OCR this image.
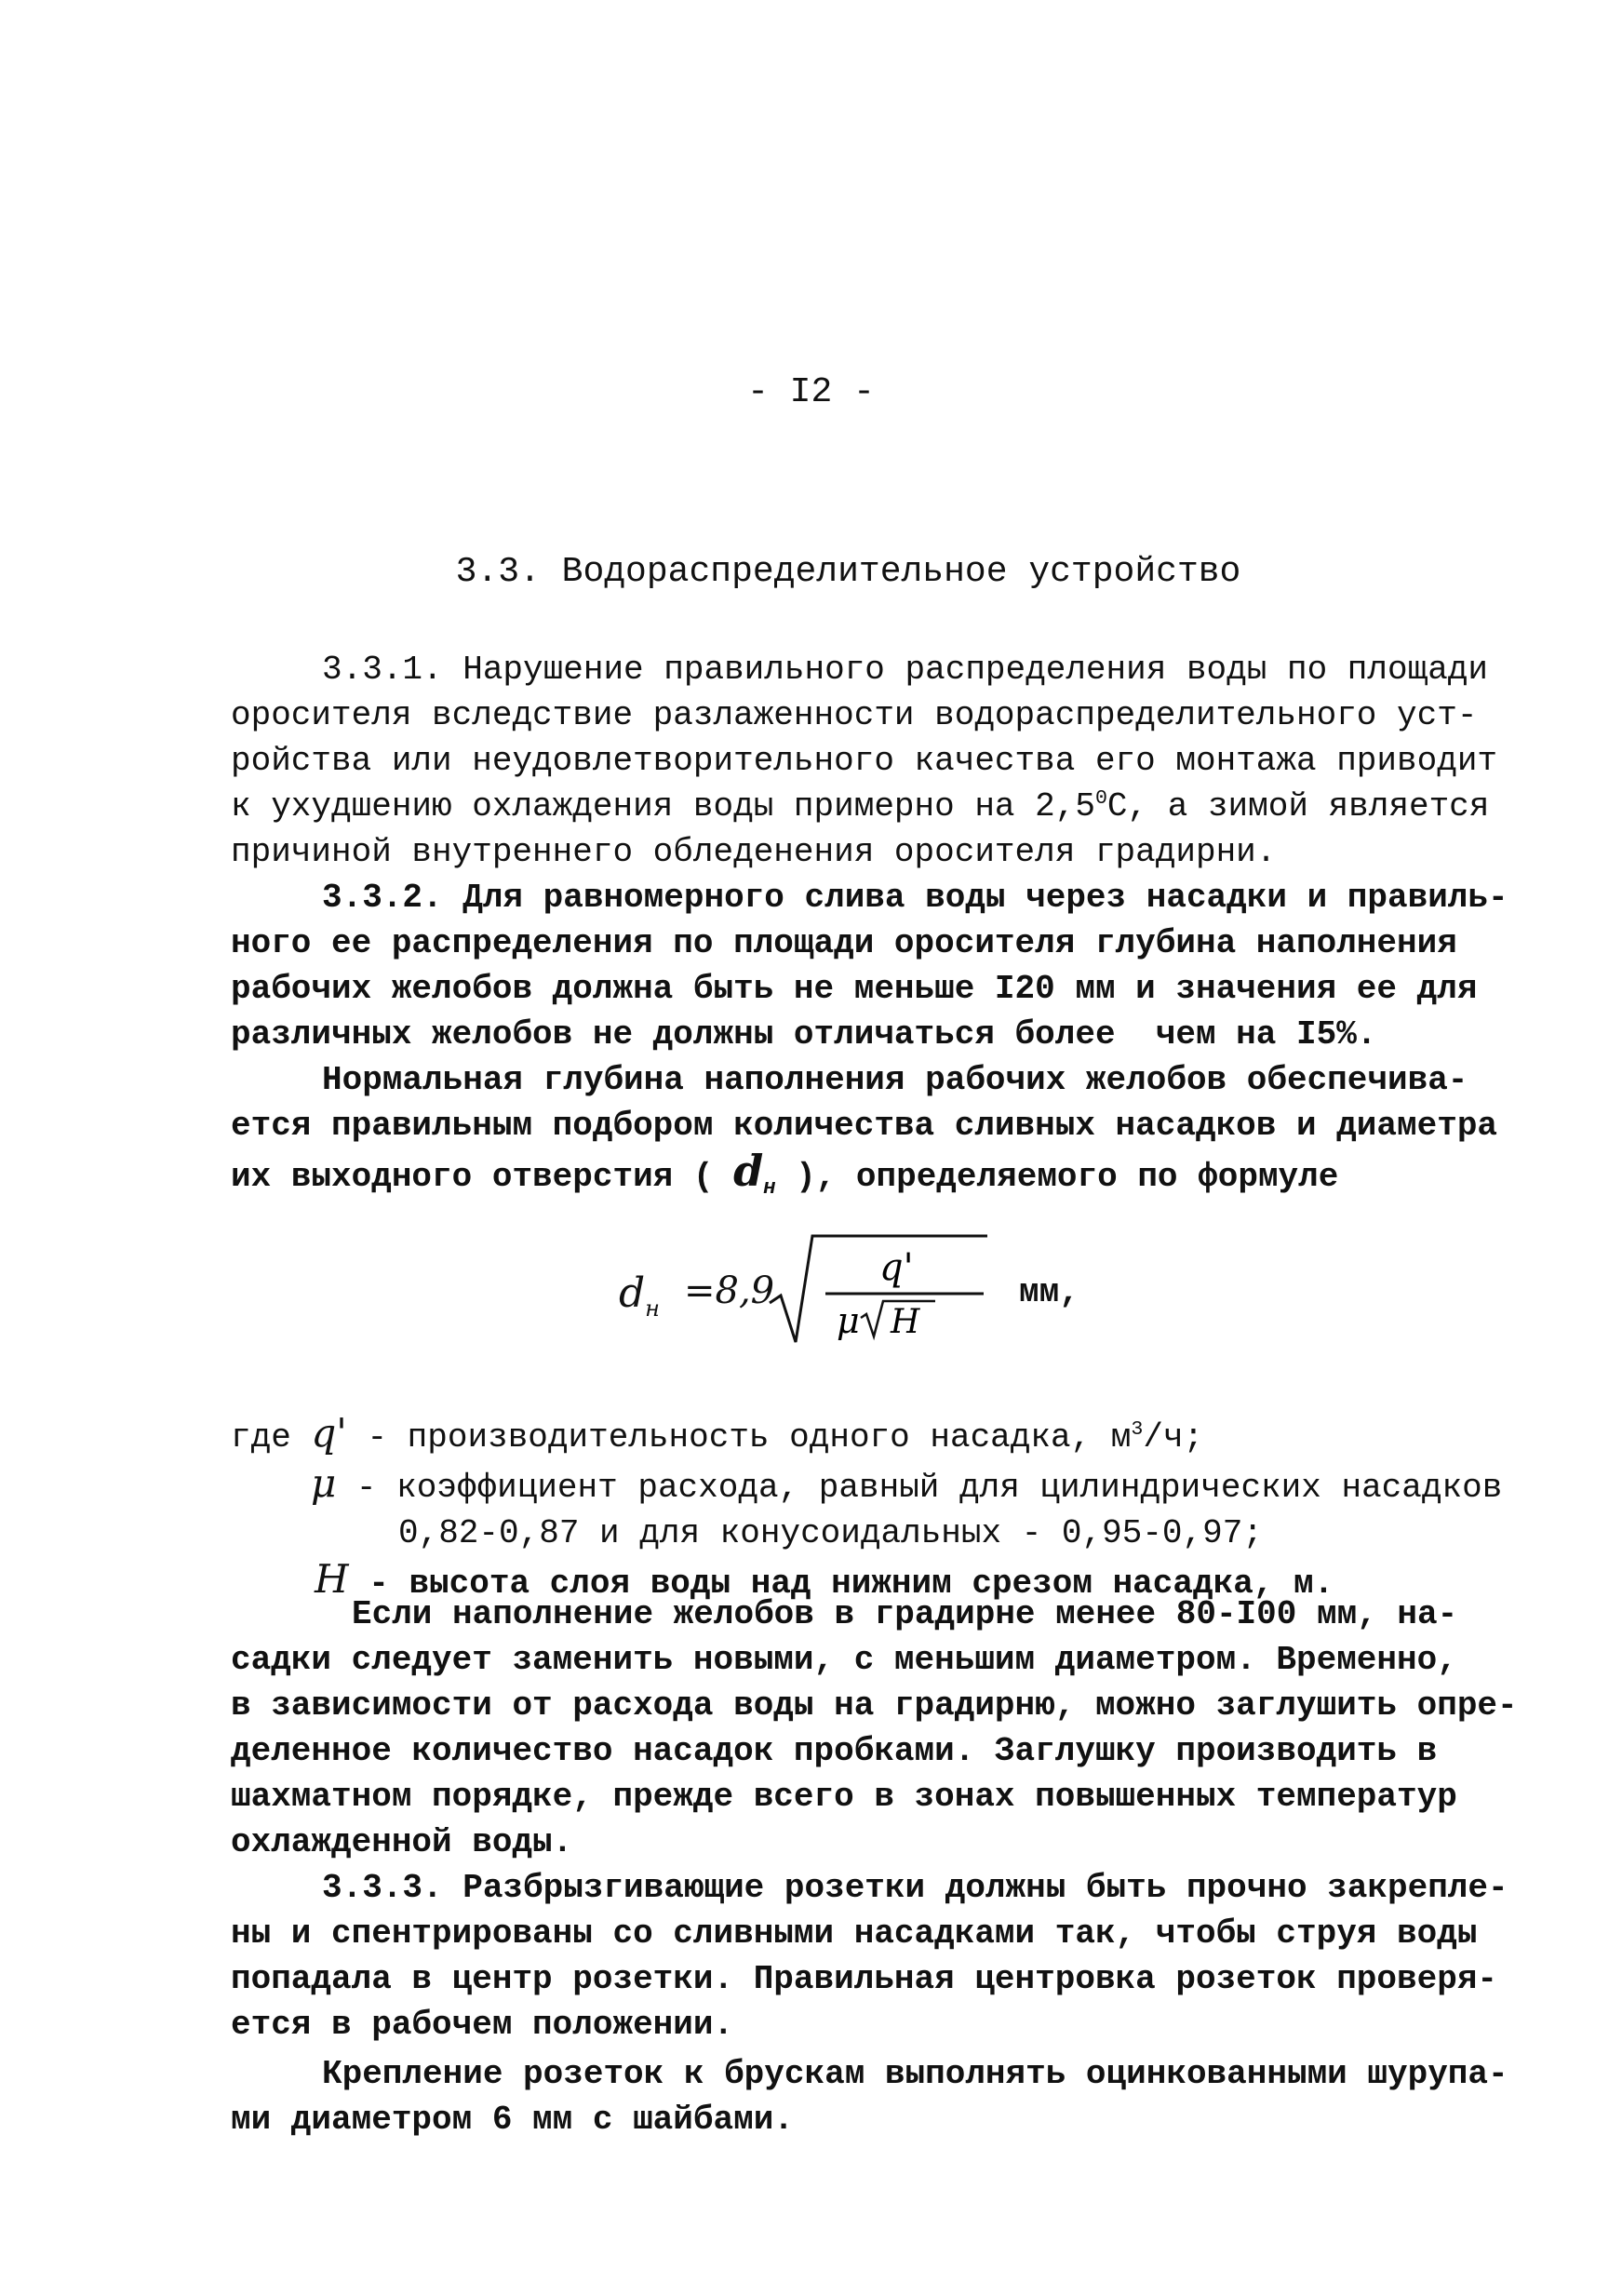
- I2 -
3.3. Водораспределительное устройство
3.3.1. Нарушение правильного распределения воды по площади
оросителя вследствие разлаженности водораспределительного уст-
ройства или неудовлетворительного качества его монтажа приводит
к ухудшению охлаждения воды примерно на $2,5^0С$, а зимой является
причиной внутреннего обледенения оросителя градирни.
3.3.2. Для равномерного слива воды через насадки и правиль-
ного ее распределения по площади оросителя глубина наполнения
рабочих желобов должна быть не меньше I20 мм и значения ее для
различных желобов не должны отличаться более  чем на I5%.
Нормальная глубина наполнения рабочих желобов обеспечива-
ется правильным подбором количества сливных насадков и диаметра
их выходного отверстия ( $d_н$ ), определяемого по формуле
$d_н =8,9$
q'
μ H
мм,
где q' - производительность одного насадка, $м^3/ч$;
μ - коэффициент расхода, равный для цилиндрических насадков
0,82-0,87 и для конусоидальных - 0,95-0,97;
H - высота слоя воды над нижним срезом насадка, м.
Если наполнение желобов в градирне менее 80-I00 мм, на-
садки следует заменить новыми, с меньшим диаметром. Временно,
в зависимости от расхода воды на градирню, можно заглушить опре-
деленное количество насадок пробками. Заглушку производить в
шахматном порядке, прежде всего в зонах повышенных температур
охлажденной воды.
3.3.3. Разбрызгивающие розетки должны быть прочно закрепле-
ны и спентрированы со сливными насадками так, чтобы струя воды
попадала в центр розетки. Правильная центровка розеток проверя-
ется в рабочем положении.
Крепление розеток к брускам выполнять оцинкованными шурупа-
ми диаметром 6 мм с шайбами.
